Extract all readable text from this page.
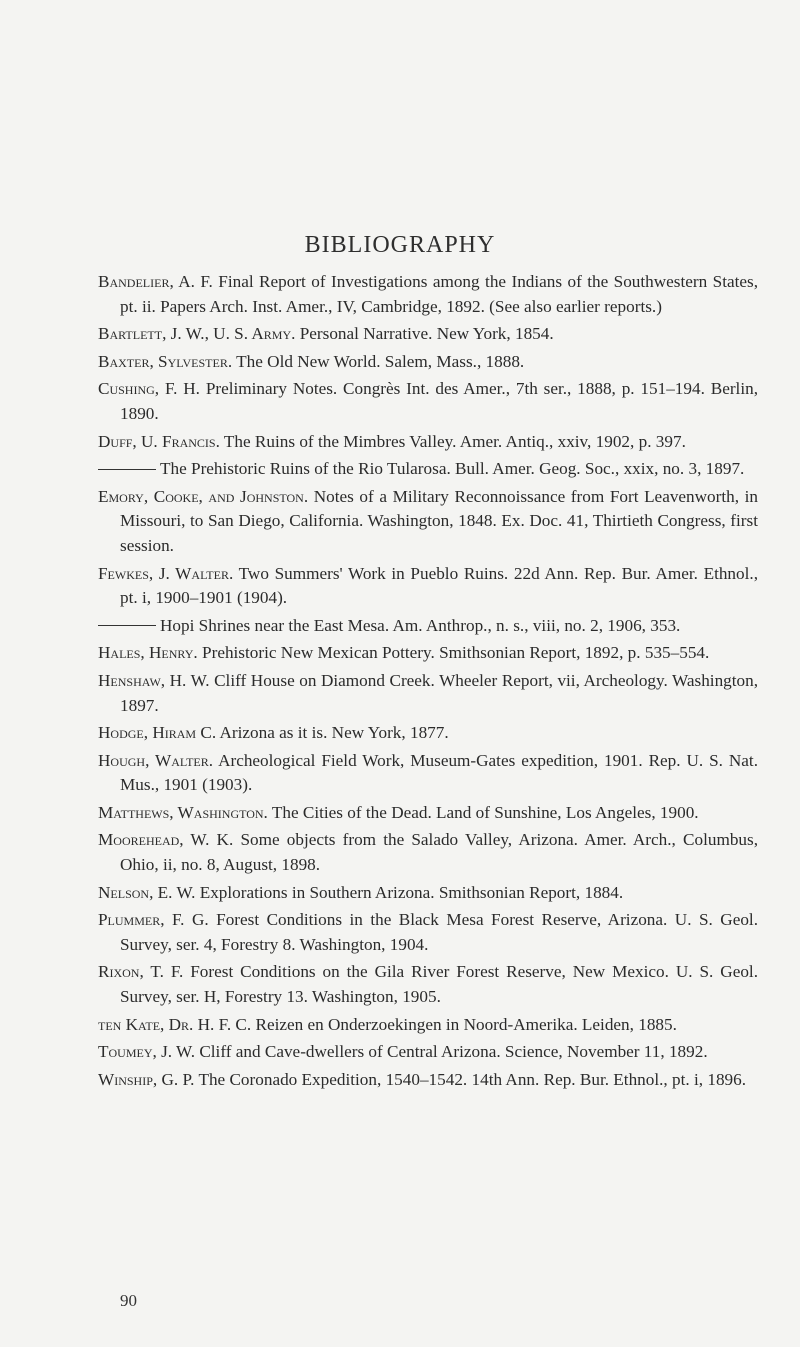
BIBLIOGRAPHY

Bandelier, A. F. Final Report of Investigations among the Indians of the Southwestern States, pt. ii. Papers Arch. Inst. Amer., IV, Cambridge, 1892. (See also earlier reports.)

Bartlett, J. W., U. S. Army. Personal Narrative. New York, 1854.

Baxter, Sylvester. The Old New World. Salem, Mass., 1888.

Cushing, F. H. Preliminary Notes. Congrès Int. des Amer., 7th ser., 1888, p. 151–194. Berlin, 1890.

Duff, U. Francis. The Ruins of the Mimbres Valley. Amer. Antiq., xxiv, 1902, p. 397.

The Prehistoric Ruins of the Rio Tularosa. Bull. Amer. Geog. Soc., xxix, no. 3, 1897.

Emory, Cooke, and Johnston. Notes of a Military Reconnoissance from Fort Leavenworth, in Missouri, to San Diego, California. Washington, 1848. Ex. Doc. 41, Thirtieth Congress, first session.

Fewkes, J. Walter. Two Summers' Work in Pueblo Ruins. 22d Ann. Rep. Bur. Amer. Ethnol., pt. i, 1900–1901 (1904).

Hopi Shrines near the East Mesa. Am. Anthrop., n. s., viii, no. 2, 1906, 353.

Hales, Henry. Prehistoric New Mexican Pottery. Smithsonian Report, 1892, p. 535–554.

Henshaw, H. W. Cliff House on Diamond Creek. Wheeler Report, vii, Archeology. Washington, 1897.

Hodge, Hiram C. Arizona as it is. New York, 1877.

Hough, Walter. Archeological Field Work, Museum-Gates expedition, 1901. Rep. U. S. Nat. Mus., 1901 (1903).

Matthews, Washington. The Cities of the Dead. Land of Sunshine, Los Angeles, 1900.

Moorehead, W. K. Some objects from the Salado Valley, Arizona. Amer. Arch., Columbus, Ohio, ii, no. 8, August, 1898.

Nelson, E. W. Explorations in Southern Arizona. Smithsonian Report, 1884.

Plummer, F. G. Forest Conditions in the Black Mesa Forest Reserve, Arizona. U. S. Geol. Survey, ser. 4, Forestry 8. Washington, 1904.

Rixon, T. F. Forest Conditions on the Gila River Forest Reserve, New Mexico. U. S. Geol. Survey, ser. H, Forestry 13. Washington, 1905.

ten Kate, Dr. H. F. C. Reizen en Onderzoekingen in Noord-Amerika. Leiden, 1885.

Toumey, J. W. Cliff and Cave-dwellers of Central Arizona. Science, November 11, 1892.

Winship, G. P. The Coronado Expedition, 1540–1542. 14th Ann. Rep. Bur. Ethnol., pt. i, 1896.

90
